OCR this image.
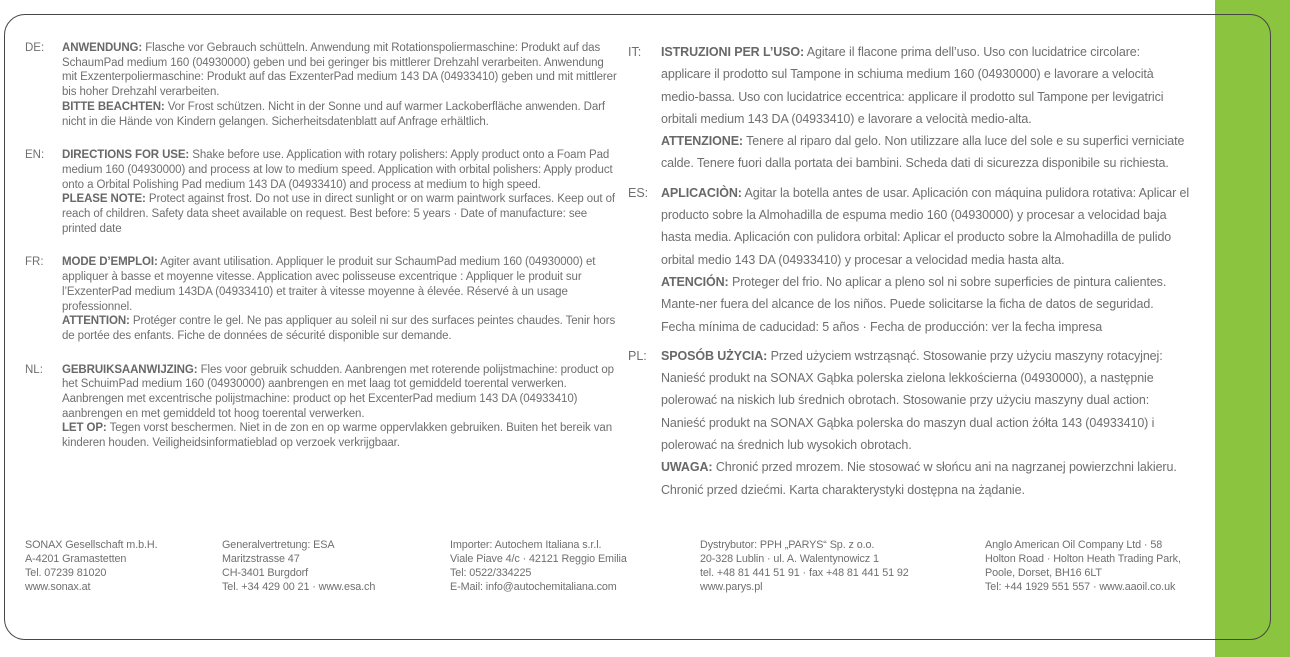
DE:	ANWENDUNG: Flasche vor Gebrauch schütteln. Anwendung mit Rotationspoliermaschine: Produkt auf das SchaumPad medium 160 (04930000) geben und bei geringer bis mittlerer Drehzahl verarbeiten. Anwendung mit Exzenterpoliermaschine: Produkt auf das ExzenterPad medium 143 DA (04933410) geben und mit mittlerer bis hoher Drehzahl verarbeiten.

BITTE BEACHTEN: Vor Frost schützen. Nicht in der Sonne und auf warmer Lackoberfläche anwenden. Darf nicht in die Hände von Kindern gelangen. Sicherheitsdatenblatt auf Anfrage erhältlich.

EN:	DIRECTIONS FOR USE: Shake before use. Application with rotary polishers: Apply product onto a Foam Pad medium 160 (04930000) and process at low to medium speed. Application with orbital polishers: Apply product onto a Orbital Polishing Pad medium 143 DA (04933410) and process at medium to high speed.

PLEASE NOTE: Protect against frost. Do not use in direct sunlight or on warm paintwork surfaces. Keep out of reach of children. Safety data sheet available on request. Best before: 5 years · Date of manufacture: see printed date

FR:	MODE D’EMPLOI: Agiter avant utilisation. Appliquer le produit sur SchaumPad medium 160 (04930000) et appliquer à basse et moyenne vitesse. Application avec polisseuse excentrique : Appliquer le produit sur l’ExzenterPad medium 143DA (04933410) et traiter à vitesse moyenne à élevée. Réservé à un usage professionnel.

ATTENTION: Protéger contre le gel. Ne pas appliquer au soleil ni sur des surfaces peintes chaudes. Tenir hors de portée des enfants. Fiche de données de sécurité disponible sur demande.

NL:	GEBRUIKSAANWIJZING: Fles voor gebruik schudden. Aanbrengen met roterende polijstmachine: product op het SchuimPad medium 160 (04930000) aanbrengen en met laag tot gemiddeld toerental verwerken. Aanbrengen met excentrische polijstmachine: product op het ExcenterPad medium 143 DA (04933410) aanbrengen en met gemiddeld tot hoog toerental verwerken.

LET OP: Tegen vorst beschermen. Niet in de zon en op warme oppervlakken gebruiken. Buiten het bereik van kinderen houden. Veiligheidsinformatieblad op verzoek verkrijgbaar.

IT:	ISTRUZIONI PER L’USO: Agitare il flacone prima dell’uso. Uso con lucidatrice circolare: applicare il prodotto sul Tampone in schiuma medium 160 (04930000) e lavorare a velocità medio-bassa. Uso con lucidatrice eccentrica: applicare il prodotto sul Tampone per levigatrici orbitali medium 143 DA (04933410) e lavorare a velocità medio-alta.

ATTENZIONE: Tenere al riparo dal gelo. Non utilizzare alla luce del sole e su superfici verniciate calde. Tenere fuori dalla portata dei bambini. Scheda dati di sicurezza disponibile su richiesta.

ES:	APLICACIÒN: Agitar la botella antes de usar. Aplicación con máquina pulidora rotativa: Aplicar el producto sobre la Almohadilla de espuma medio 160 (04930000) y procesar a velocidad baja hasta media. Aplicación con pulidora orbital: Aplicar el producto sobre la Almohadilla de pulido orbital medio 143 DA (04933410) y procesar a velocidad media hasta alta.

ATENCIÓN: Proteger del frio. No aplicar a pleno sol ni sobre superficies de pintura calientes. Mante-ner fuera del alcance de los niños. Puede solicitarse la ficha de datos de seguridad. Fecha mínima de caducidad: 5 años · Fecha de producción: ver la fecha impresa

PL:	SPOSÓB UŻYCIA: Przed użyciem wstrząsnąć. Stosowanie przy użyciu maszyny rotacyjnej: Nanieść produkt na SONAX Gąbka polerska zielona lekkościerna (04930000), a następnie polerować na niskich lub średnich obrotach. Stosowanie przy użyciu maszyny dual action: Nanieść produkt na SONAX Gąbka polerska do maszyn dual action żółta 143 (04933410) i polerować na średnich lub wysokich obrotach.

UWAGA: Chronić przed mrozem. Nie stosować w słońcu ani na nagrzanej powierzchni lakieru. Chronić przed dziećmi. Karta charakterystyki dostępna na żądanie.

SONAX Gesellschaft m.b.H.
A-4201 Gramastetten
Tel. 07239 81020
www.sonax.at
Generalvertretung: ESA
Maritzstrasse 47
CH-3401 Burgdorf
Tel. +34 429 00 21 · www.esa.ch
Importer: Autochem Italiana s.r.l.
Viale Piave 4/c · 42121 Reggio Emilia
Tel: 0522/334225
E-Mail: info@autochemitaliana.com
Dystrybutor: PPH „PARYS“ Sp. z o.o.
20-328 Lublin · ul. A. Walentynowicz 1
tel. +48 81 441 51 91 · fax +48 81 441 51 92
www.parys.pl
Anglo American Oil Company Ltd · 58
Holton Road · Holton Heath Trading Park,
Poole, Dorset, BH16 6LT
Tel: +44 1929 551 557 · www.aaoil.co.uk
